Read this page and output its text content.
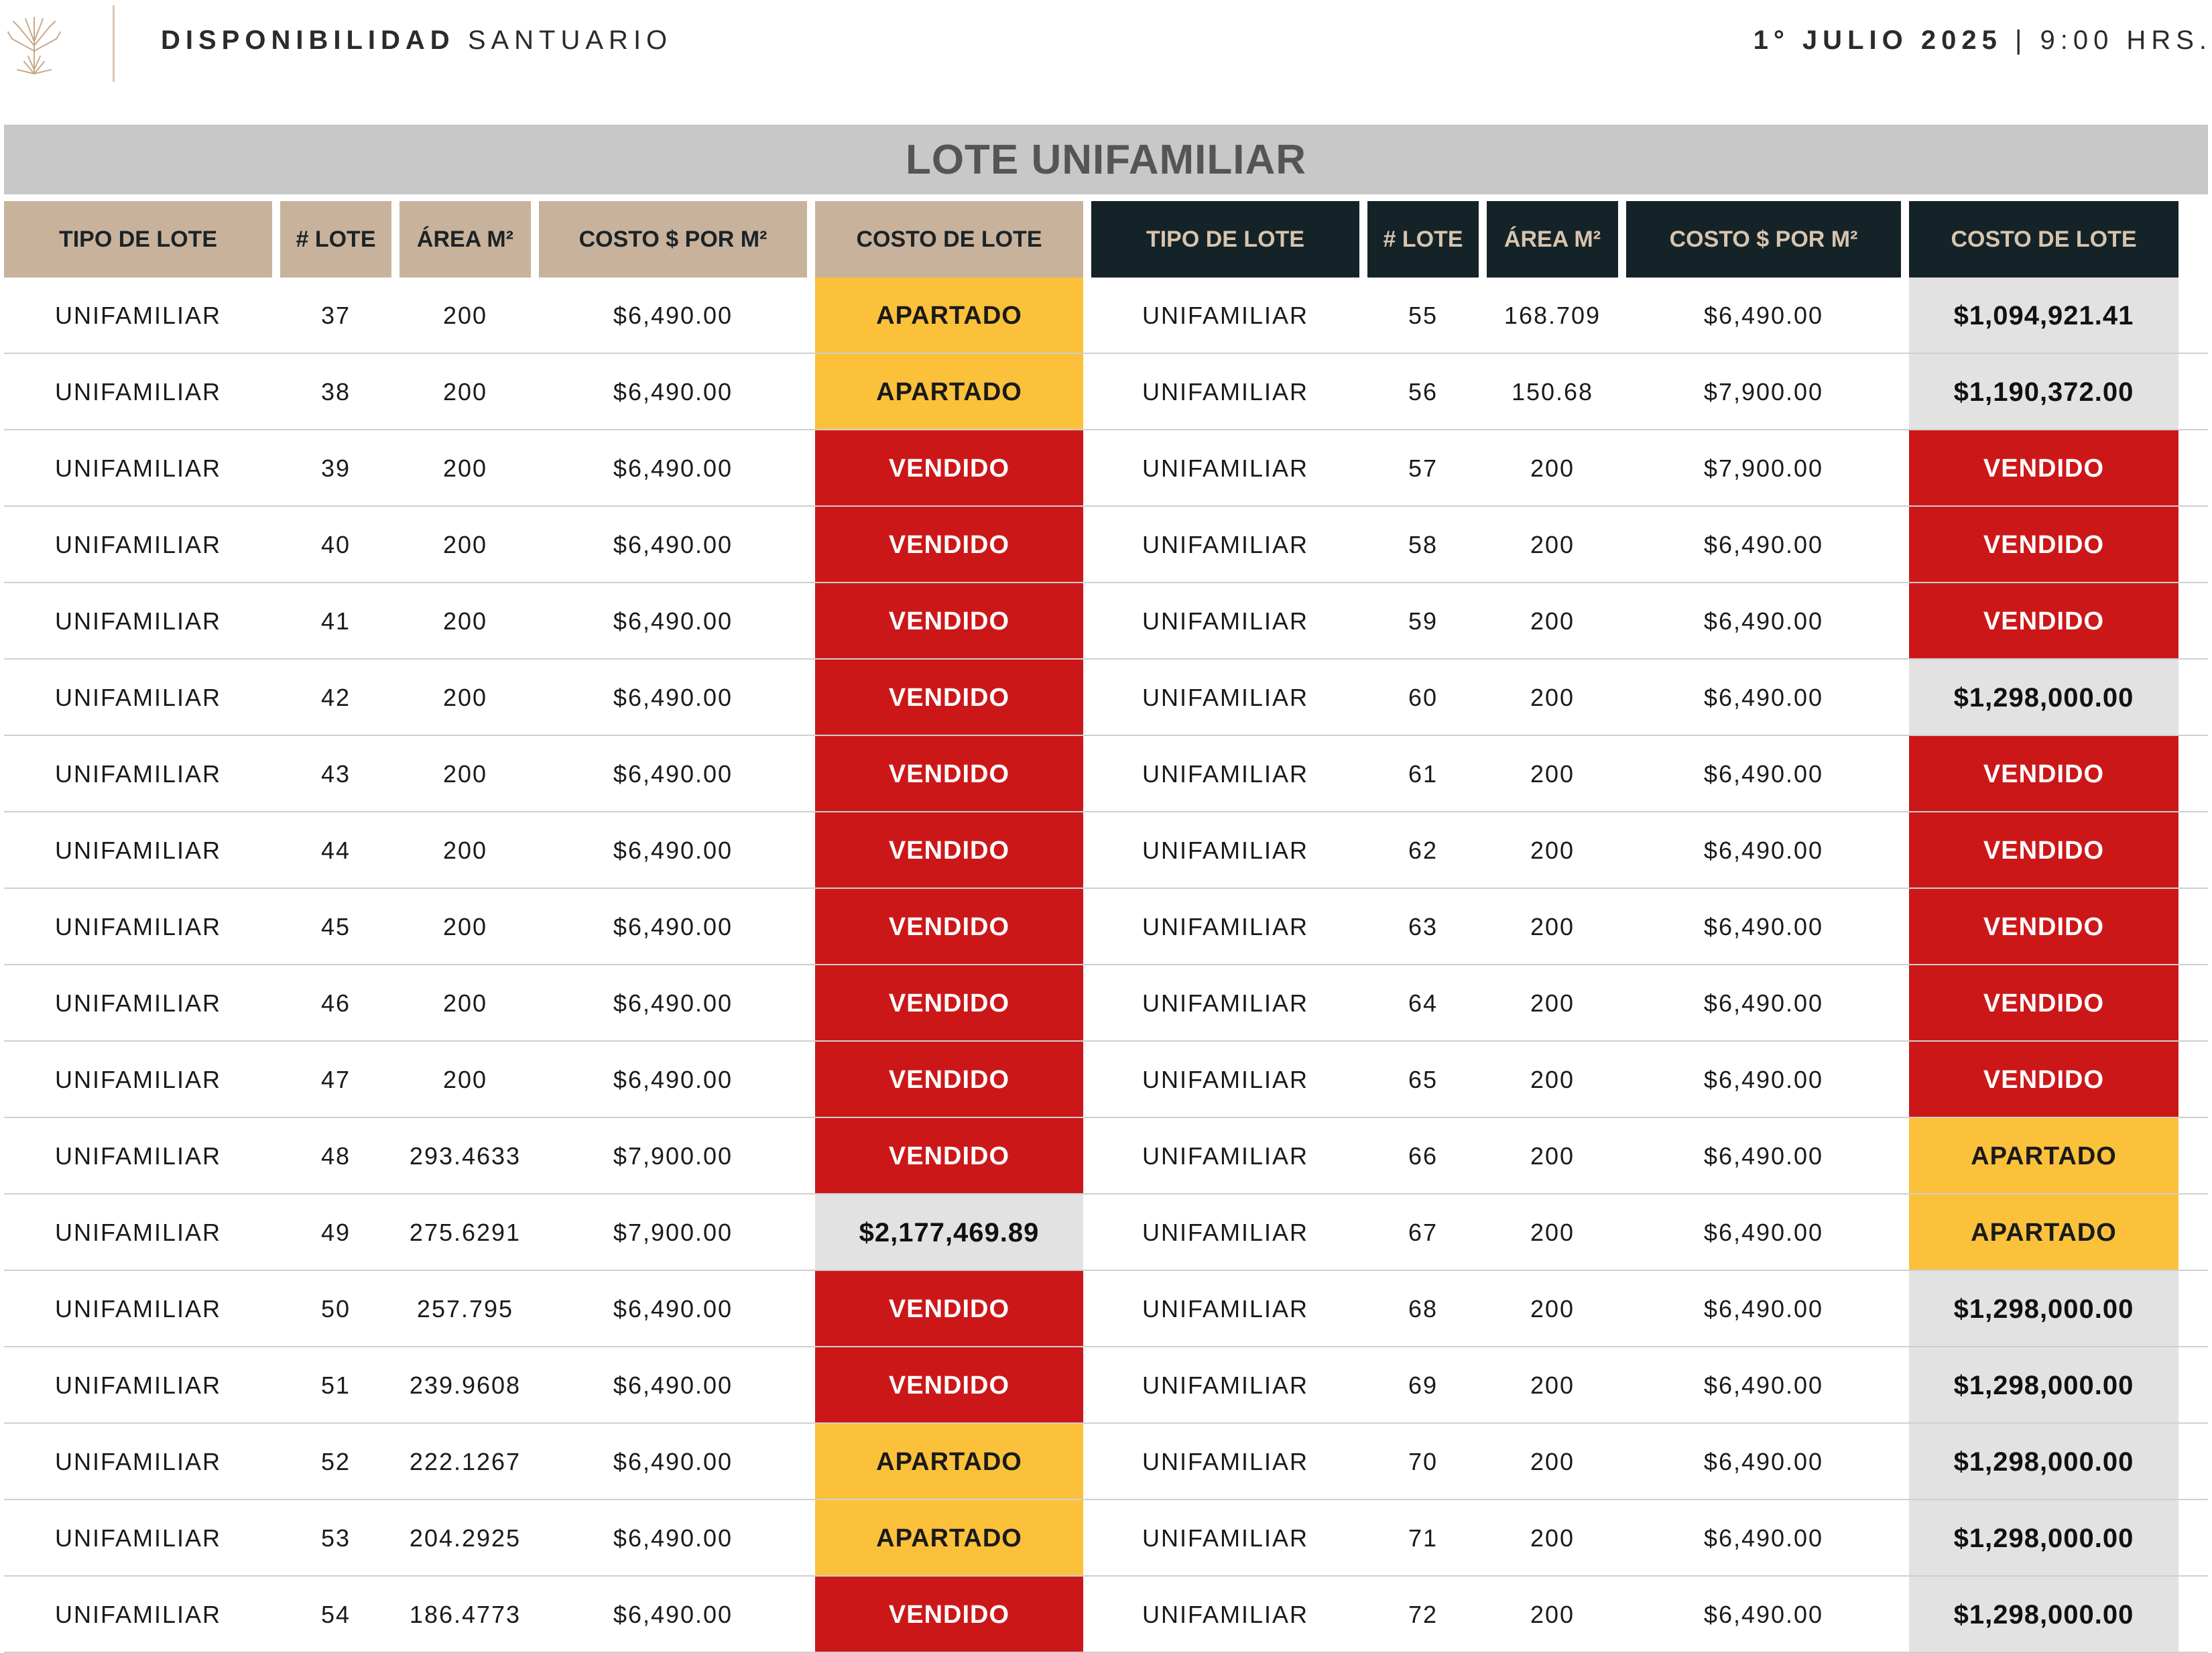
DISPONIBILIDAD SANTUARIO	1° JULIO 2025 | 9:00 HRS.
LOTE UNIFAMILIAR
TIPO DE LOTE	# LOTE	ÁREA M²	COSTO $ POR M²	COSTO DE LOTE	TIPO DE LOTE	# LOTE	ÁREA M²	COSTO $ POR M²	COSTO DE LOTE
UNIFAMILIAR	37	200	$6,490.00	APARTADO	UNIFAMILIAR	55	168.709	$6,490.00	$1,094,921.41
UNIFAMILIAR	38	200	$6,490.00	APARTADO	UNIFAMILIAR	56	150.68	$7,900.00	$1,190,372.00
UNIFAMILIAR	39	200	$6,490.00	VENDIDO	UNIFAMILIAR	57	200	$7,900.00	VENDIDO
UNIFAMILIAR	40	200	$6,490.00	VENDIDO	UNIFAMILIAR	58	200	$6,490.00	VENDIDO
UNIFAMILIAR	41	200	$6,490.00	VENDIDO	UNIFAMILIAR	59	200	$6,490.00	VENDIDO
UNIFAMILIAR	42	200	$6,490.00	VENDIDO	UNIFAMILIAR	60	200	$6,490.00	$1,298,000.00
UNIFAMILIAR	43	200	$6,490.00	VENDIDO	UNIFAMILIAR	61	200	$6,490.00	VENDIDO
UNIFAMILIAR	44	200	$6,490.00	VENDIDO	UNIFAMILIAR	62	200	$6,490.00	VENDIDO
UNIFAMILIAR	45	200	$6,490.00	VENDIDO	UNIFAMILIAR	63	200	$6,490.00	VENDIDO
UNIFAMILIAR	46	200	$6,490.00	VENDIDO	UNIFAMILIAR	64	200	$6,490.00	VENDIDO
UNIFAMILIAR	47	200	$6,490.00	VENDIDO	UNIFAMILIAR	65	200	$6,490.00	VENDIDO
UNIFAMILIAR	48	293.4633	$7,900.00	VENDIDO	UNIFAMILIAR	66	200	$6,490.00	APARTADO
UNIFAMILIAR	49	275.6291	$7,900.00	$2,177,469.89	UNIFAMILIAR	67	200	$6,490.00	APARTADO
UNIFAMILIAR	50	257.795	$6,490.00	VENDIDO	UNIFAMILIAR	68	200	$6,490.00	$1,298,000.00
UNIFAMILIAR	51	239.9608	$6,490.00	VENDIDO	UNIFAMILIAR	69	200	$6,490.00	$1,298,000.00
UNIFAMILIAR	52	222.1267	$6,490.00	APARTADO	UNIFAMILIAR	70	200	$6,490.00	$1,298,000.00
UNIFAMILIAR	53	204.2925	$6,490.00	APARTADO	UNIFAMILIAR	71	200	$6,490.00	$1,298,000.00
UNIFAMILIAR	54	186.4773	$6,490.00	VENDIDO	UNIFAMILIAR	72	200	$6,490.00	$1,298,000.00
